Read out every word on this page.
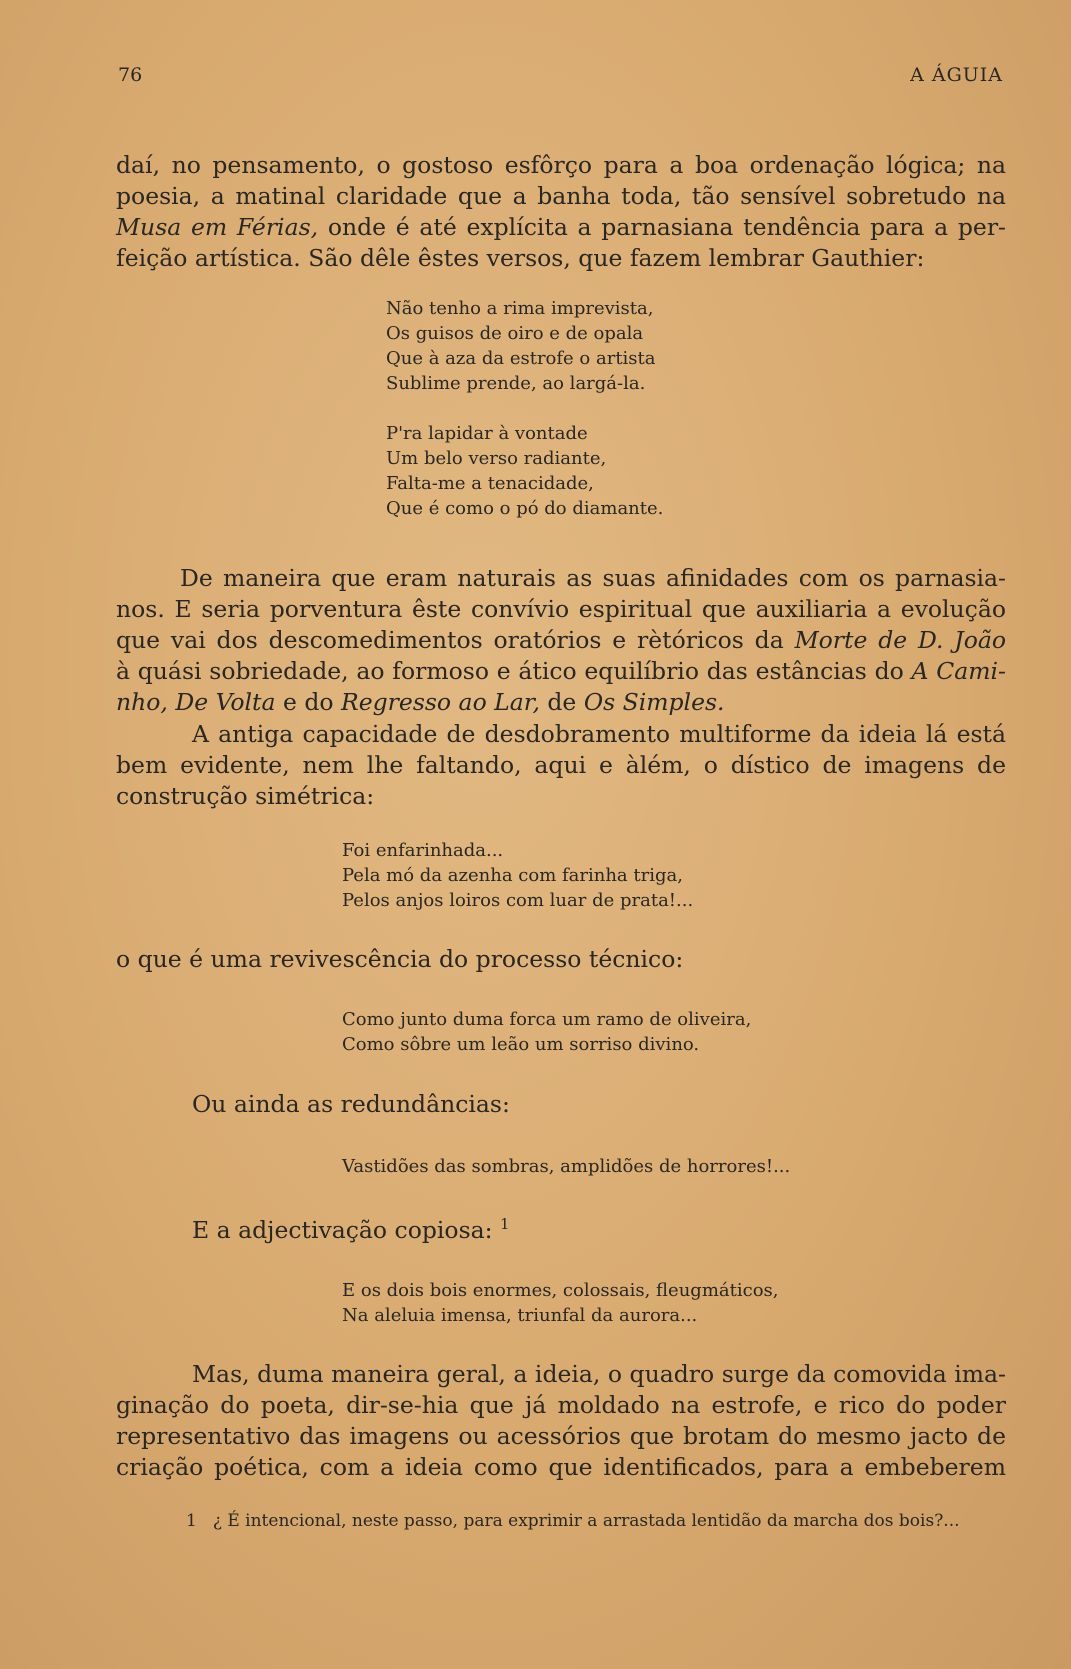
76	A ÁGUIA
daí, no pensamento, o gostoso esfôrço para a boa ordenação lógica; na
poesia, a matinal claridade que a banha toda, tão sensível sobretudo na
Musa em Férias, onde é até explícita a parnasiana tendência para a per-
feição artística. São dêle êstes versos, que fazem lembrar Gauthier:
Não tenho a rima imprevista,
Os guisos de oiro e de opala
Que à aza da estrofe o artista
Sublime prende, ao largá-la.
P'ra lapidar à vontade
Um belo verso radiante,
Falta-me a tenacidade,
Que é como o pó do diamante.
De maneira que eram naturais as suas afinidades com os parnasia-
nos. E seria porventura êste convívio espiritual que auxiliaria a evolução
que vai dos descomedimentos oratórios e rètóricos da Morte de D. João
à quási sobriedade, ao formoso e ático equilíbrio das estâncias do A Cami-
nho, De Volta e do Regresso ao Lar, de Os Simples.
A antiga capacidade de desdobramento multiforme da ideia lá está
bem evidente, nem lhe faltando, aqui e àlém, o dístico de imagens de
construção simétrica:
Foi enfarinhada...
Pela mó da azenha com farinha triga,
Pelos anjos loiros com luar de prata!...
o que é uma revivescência do processo técnico:
Como junto duma forca um ramo de oliveira,
Como sôbre um leão um sorriso divino.
Ou ainda as redundâncias:
Vastidões das sombras, amplidões de horrores!...
E a adjectivação copiosa: $^1$
E os dois bois enormes, colossais, fleugmáticos,
Na aleluia imensa, triunfal da aurora...
Mas, duma maneira geral, a ideia, o quadro surge da comovida ima-
ginação do poeta, dir-se-hia que já moldado na estrofe, e rico do poder
representativo das imagens ou acessórios que brotam do mesmo jacto de
criação poética, com a ideia como que identificados, para a embeberem
1 ¿ É intencional, neste passo, para exprimir a arrastada lentidão da marcha dos bois?...
